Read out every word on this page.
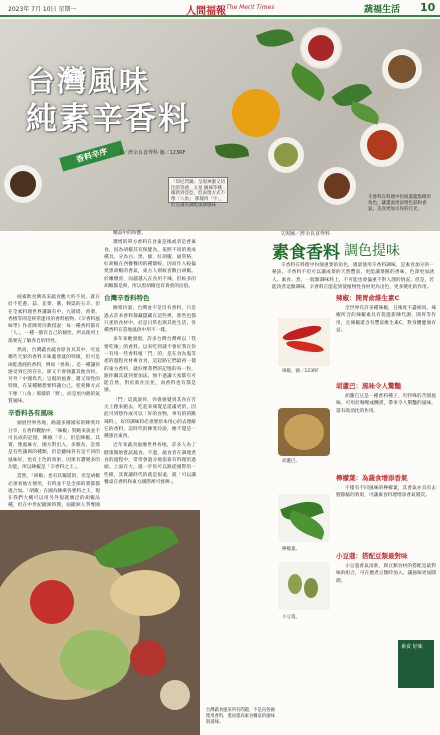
2023年 7月 10日 星期一	人間福報 The Merit Times	蔬福生活 10
台灣風味
純素辛香料
香料辛序	文／濟余良食齊科 圖／123RF
「印尼閃鍋」呈現神濃又切比的等感，五星 級辣等種椒新到亞亞，但表現方式不像「八角」 那樣四「宇」，但是滿的調配風國風味
辛香料在料理中扮演畫龍點睛的角色，讓畫面更添增色彩和香氣。美食更加引你的目光。

純素飲食興高采蔬食觀大約不同，就在於不吃蔥、蒜、韭菜、蕎、興渠的五辛。但在全素料理世界講調有中，九層塔、香菜、香椿等則是經常運用的香料植物。《辛香料風味學》作者陳愛玲教授說：每一種香料都有「人」，一種一都有自己的個性，所以使用上都要充了解各自的特性。

然而，台灣蔬食蔬食原食具其中，究竟哪些天果的香料辛味蓋會就的特徵，但可是兩乾蒸純的香料，例如「香蒔」。是一種讓你感受到它的存在，卻又不會強蓋其他食材。另外「中國馬氏」呈現的風會、趙又知性的特徵，在某種精想要料讓白己。慈愛陳方式不像「八角」那樣的「野」，而是更內斂的氣質風味。

辛香料各有風味

頭展世界各地，路越多國國家的陳愛玲分享，在香料觀點中，「辣椒」對她來說並不可長成的記憶，陳椒「辛」，但是陳椒，其實，像滋麻方，國方對出入，多類為，是那是有些讓與的種類，但是聽味各有是不同的風味好，也有上色的效果，因果有讚變多的功能，所以陳椒是「辛香料之王」。

當然，「胡椒」也有其獨道的，但是胡椒必須看他方便用，有時並不是全部的菜都都適合加。「胡椒」在國為陳乘各要料之王，現在我們大概可以用另外很就廣泛的胡椒品種，但在中世紀歐洲時期，屆歐洲人爭奪國

精品中的珍寶。

選增的單方香料在食東是後或者是香素食，因為胡椒其有保健為，依照不同的奧成種具，分為白、黑、綠，紅胡椒，通常格，紅胡椒在西餐餐肉的種類較，因而作入較偏愛黑胡椒的香氣，東方人則較喜歡白胡椒。於嫩燉煎，而越越入在食用不辣，但較多的胡椒都是與，所以黑胡椒也有貴重的沽值。

台灣辛香料特色

陳愛玲說，台灣並不是沒有香料，只是過去許多香料都藏隱藏在這些裡，那些也都只產的食材中，於是日常也與其他生活，各種香料在當地風俗中用不一樣。

多年來她發現，許多台灣台灣裡以「我要吃辣」的香料。以來吃到就不會好我在你一有用一些香料植「鬥」的，是在食為鬼等產的過程食材專食食，這起路它們最初一樣的東方香料，就好像我們的記憶的每一粒，跟你關其就到要加法。無不過讓大家都有可能自然，對於新住民化，而香料也有都是感。

「鬥」這就說你，你會感覺到其食在舌尖上跑來跑去，吃起來辣覺是還滿更的，因此可到想作成可以「好的食物，事有的的跳辣料」，好的調味料必須要原本用心的去理解它的香料，這時代的陳愛玲說，她不覺是一種感比東西。

近年來蔬食風靡世界各地，許多人為了健康開始嘗試蔬食。不過，蔬食者在調理煮食的過程中，常常會過分地依靠有料理的過頭。上面有大，就一步你可以跟從國際的一些跟，其實讓時代的就是很遠，就「可以讓餐桌在香料和東方國際裡可發揮」。

台灣蔬食風采所有問題，不是向各國使用香料，進而提高素食餐桌的風味與滋味。
文與圖／濟余良食齊科
素食香料 調色提味

辛香料在料理中扮演重要的角色，適量使用辛香料調味，是素食加分的一秘訣。辛香料不但可以讓成菜的天然豐富，更能讓菜餚的香味、色澤更加誘人。素食、煮、一般類調味料上，不可能也會偏重不對人理的情況。但是，若能改善這類調味，辛香料正能起到使植物性食材更為出色、更多變化的作用。

辣椒。圖／123RF
胡蘆巴。
檸檬葉。
小豆蔻。
辣椒：開胃俞維生素C

全世界有許多種辣椒，且辣度不盡相同。辣椒所含的辣椒素具有促進新陳代謝、開胃等作用，且辣椒還含有豐富維生素C，對身體健康有益。

胡蘆巴：風味令人驚豔

胡蘆巴豆是一種香料種子，有特殊的苦甜風味，可用於咖哩或醃漬，帶來令人驚豔的風味，還有助消化的作用。

檸檬葉：為蔬食增添香氣

不僅有不同風味的檸檬葉，其香氣亦具有去腥除膩的效果，可讓素食料理增添香氣層次。

小豆蔻：搭配豆類最對味

小豆蔻香氣清新，與豆類食材的搭配是最對味的組合，可在燉煮豆類時加入，讓風味更加圓潤。

素食 好味
